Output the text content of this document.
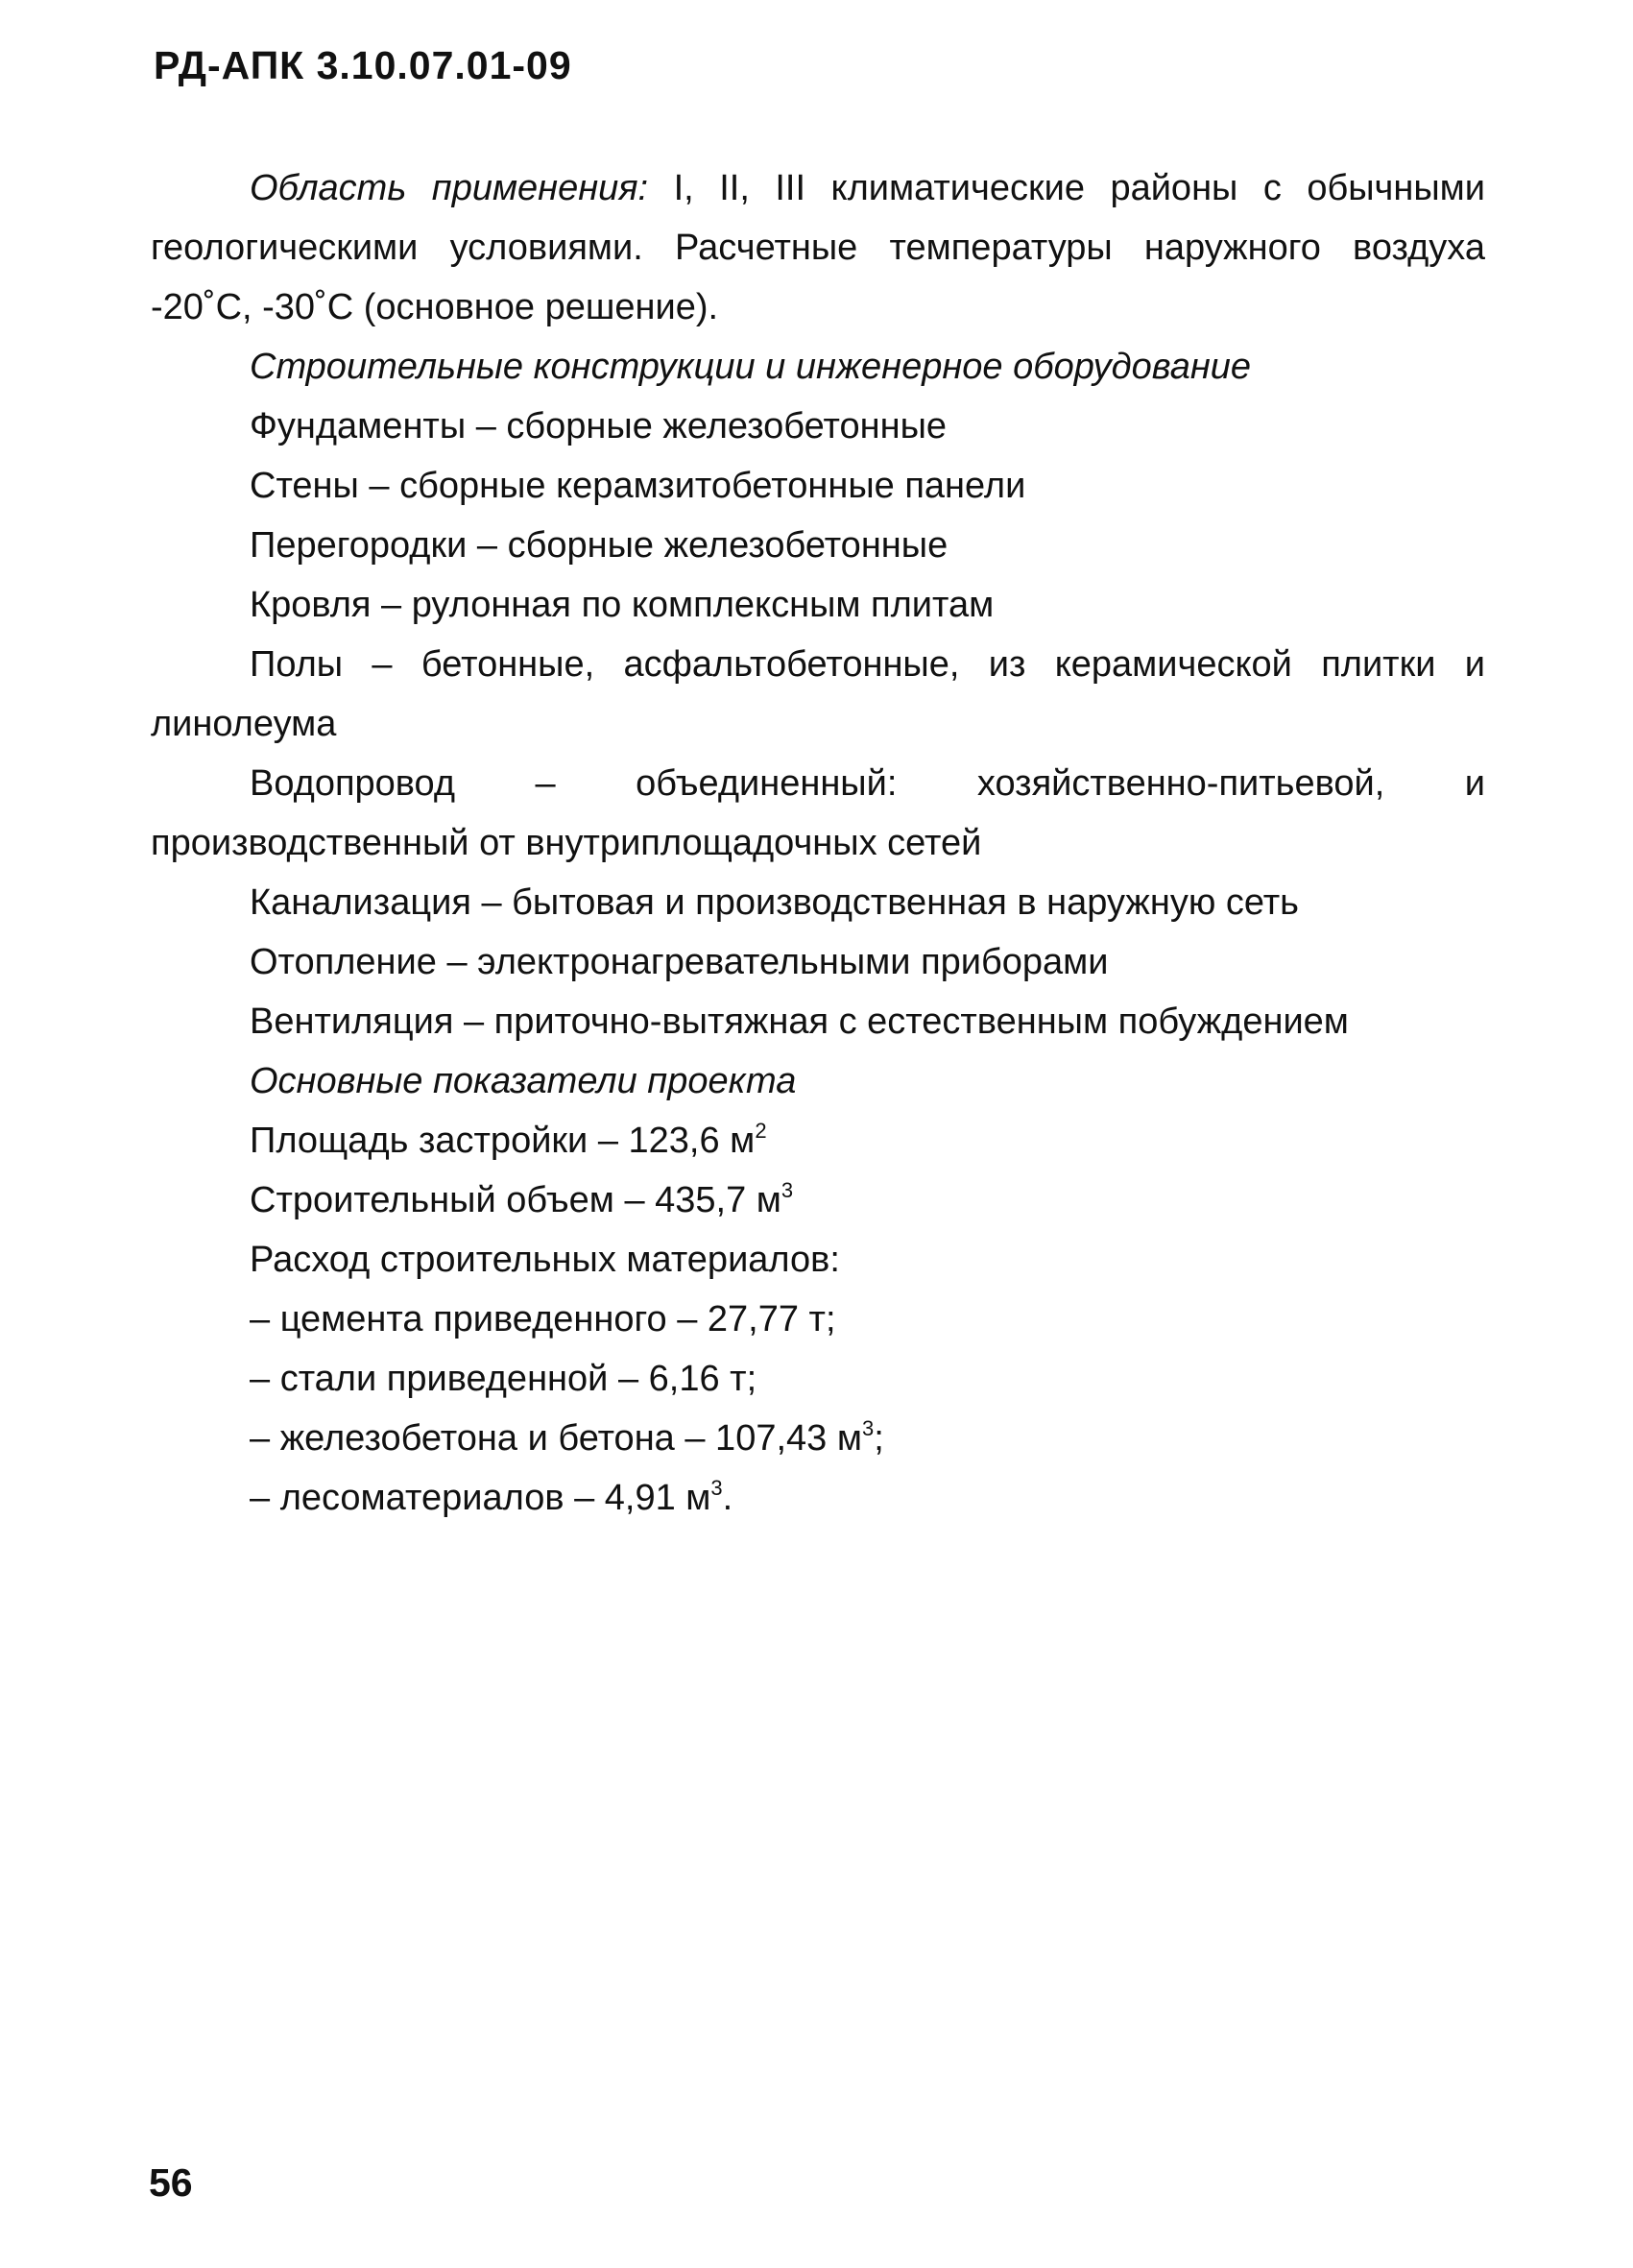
РД-АПК 3.10.07.01-09

Область применения: I, II, III климатические районы с обычными геологическими условиями. Расчетные температуры наружного воздуха -20˚С, -30˚С (основное решение).

Строительные конструкции и инженерное оборудование

Фундаменты – сборные железобетонные

Стены – сборные керамзитобетонные панели

Перегородки – сборные железобетонные

Кровля – рулонная по комплексным плитам

Полы – бетонные, асфальтобетонные, из керамической плитки и линолеума

Водопровод – объединенный: хозяйственно-питьевой, и производственный от внутриплощадочных сетей

Канализация – бытовая и производственная в наружную сеть

Отопление – электронагревательными приборами

Вентиляция – приточно-вытяжная с естественным побуждением

Основные показатели проекта

Площадь застройки – 123,6 $м^2$

Строительный объем – 435,7 $м^3$

Расход строительных материалов:

– цемента приведенного – 27,77 т;

– стали приведенной – 6,16 т;

– железобетона и бетона – 107,43 $м^3$;

– лесоматериалов – 4,91 $м^3$.

56
